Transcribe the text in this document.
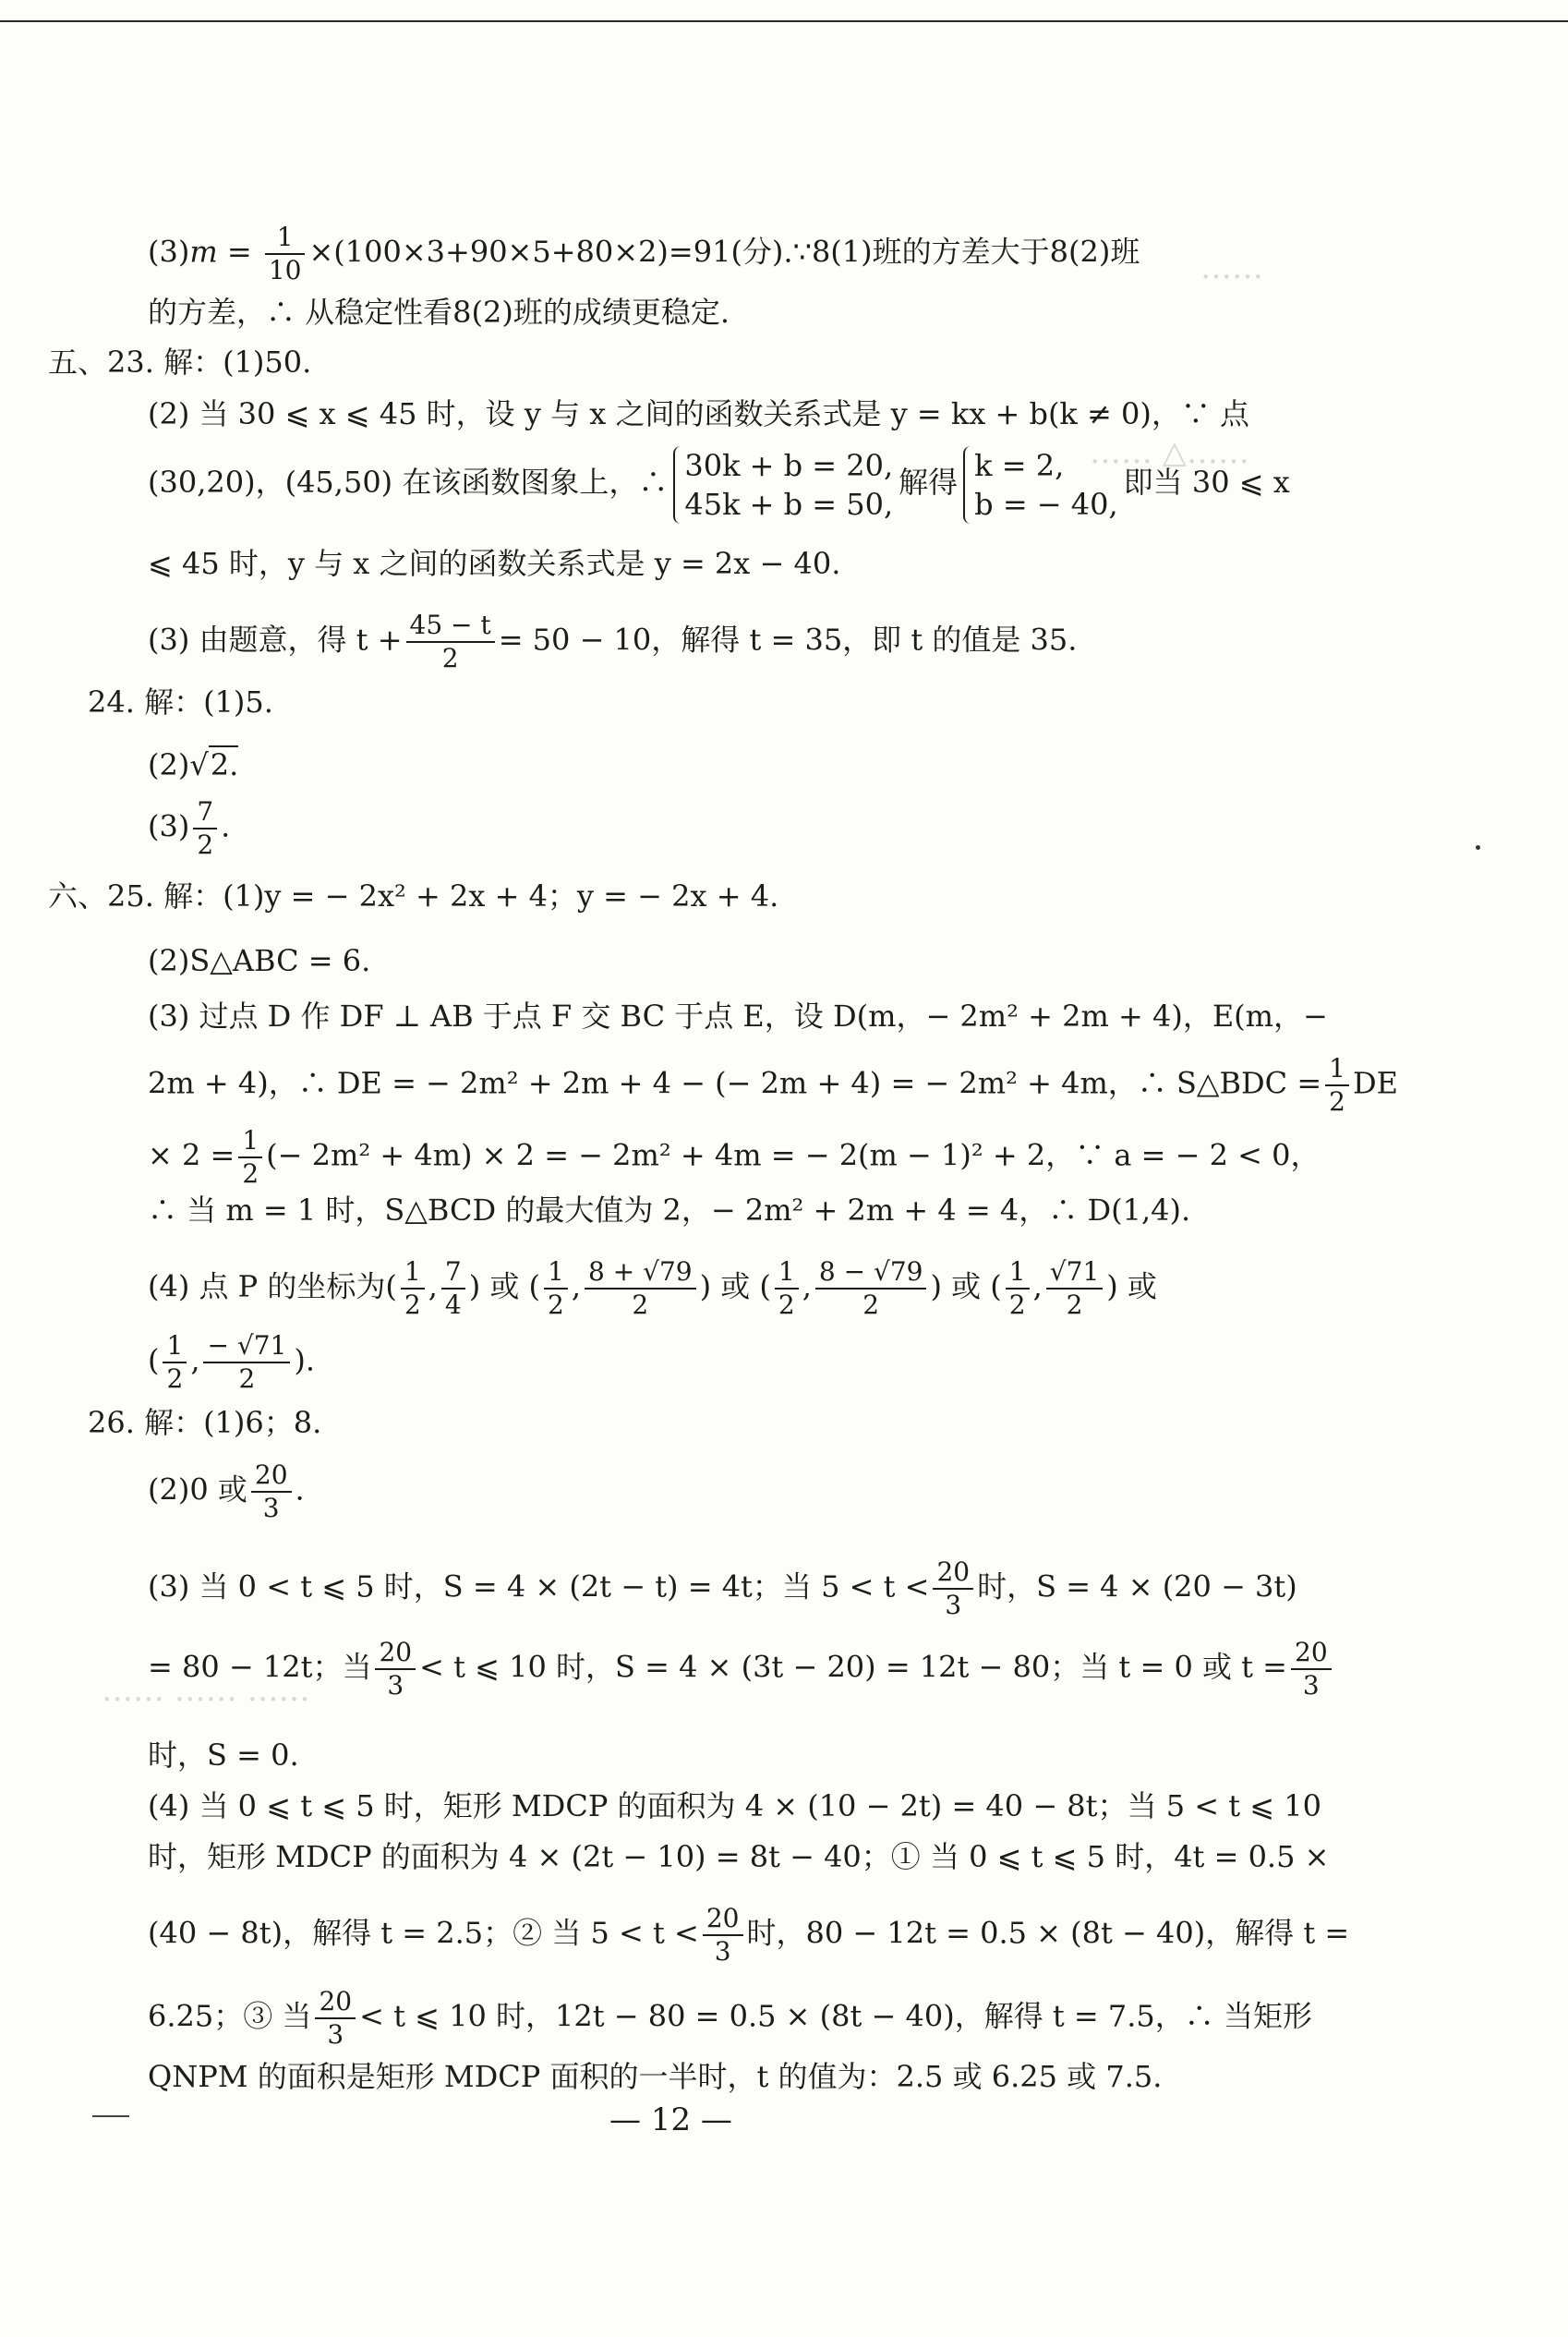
……
…… △……
…… …… ……
$(3)m = \frac{1}{10} \times(100\times 3+90\times 5+80\times 2)=91$(分).∵8(1)班的方差大于8(2)班
的方差，∴ 从稳定性看8(2)班的成绩更稳定.
五、23. 解：(1)50.
(2) 当 30 ⩽ x ⩽ 45 时，设 y 与 x 之间的函数关系式是 y = kx + b(k ≠ 0)，∵ 点
(30,20)，(45,50) 在该函数图象上，∴ 30k + b = 20,
45k + b = 50,
解得 k = 2,
b = − 40,
即当 30 ⩽ x
⩽ 45 时，y 与 x 之间的函数关系式是 y = 2x − 40.
(3) 由题意，得 $t + \frac{45 - t}{2} = 50 - 10$，解得 t = 35，即 t 的值是 35.
24. 解：(1)5.
(2)√2.
$(3) \frac{7}{2}$ .
六、25. 解：(1)y = − 2x² + 2x + 4；y = − 2x + 4.
(2)S△ABC = 6.
(3) 过点 D 作 DF ⊥ AB 于点 F 交 BC 于点 E，设 D(m，− 2m² + 2m + 4)，E(m，−
2m + 4)，∴ DE = − 2m² + 2m + 4 − (− 2m + 4) = − 2m² + 4m，∴ S△BDC = $\frac{1}{2}$ DE
× $2 = \frac{1}{2}$ (− 2m² + 4m) × 2 = − 2m² + 4m = − 2(m − 1)² + 2，∵ a = − 2 < 0，
∴ 当 m = 1 时，S△BCD 的最大值为 2，− 2m² + 2m + 4 = 4，∴ D(1,4).
(4) 点 P 的坐标为( $\frac{1}{2}$ , $\frac{7}{4}$ ) 或 ( $\frac{1}{2}$ , $\frac{8 + √79}{2}$ ) 或 ( $\frac{1}{2}$ , $\frac{8 - √79}{2}$ ) 或 ( $\frac{1}{2}$ , $\frac{√71}{2}$ ) 或
( $\frac{1}{2}$ , $\frac{- √71}{2}$ ).
26. 解：(1)6；8.
(2)0 或 $\frac{20}{3}$ .
(3) 当 0 < t ⩽ 5 时，S = 4 × (2t − t) = 4t；当 $5 < t < \frac{20}{3}$ 时，S = 4 × (20 − 3t)
= 80 − 12t；当 $\frac{20}{3} < t$ ⩽ 10 时，S = 4 × (3t − 20) = 12t − 80；当 t = 0 或 $t = \frac{20}{3}$
时，S = 0.
(4) 当 0 ⩽ t ⩽ 5 时，矩形 MDCP 的面积为 4 × (10 − 2t) = 40 − 8t；当 5 < t ⩽ 10
时，矩形 MDCP 的面积为 4 × (2t − 10) = 8t − 40；① 当 0 ⩽ t ⩽ 5 时，4t = 0.5 ×
(40 − 8t)，解得 t = 2.5；② 当 $5 < t < \frac{20}{3}$ 时，80 − 12t = 0.5 × (8t − 40)，解得 t =
6.25；③ 当 $\frac{20}{3} < t$ ⩽ 10 时，12t − 80 = 0.5 × (8t − 40)，解得 t = 7.5，∴ 当矩形
QNPM 的面积是矩形 MDCP 面积的一半时，t 的值为：2.5 或 6.25 或 7.5.
— 12 —
